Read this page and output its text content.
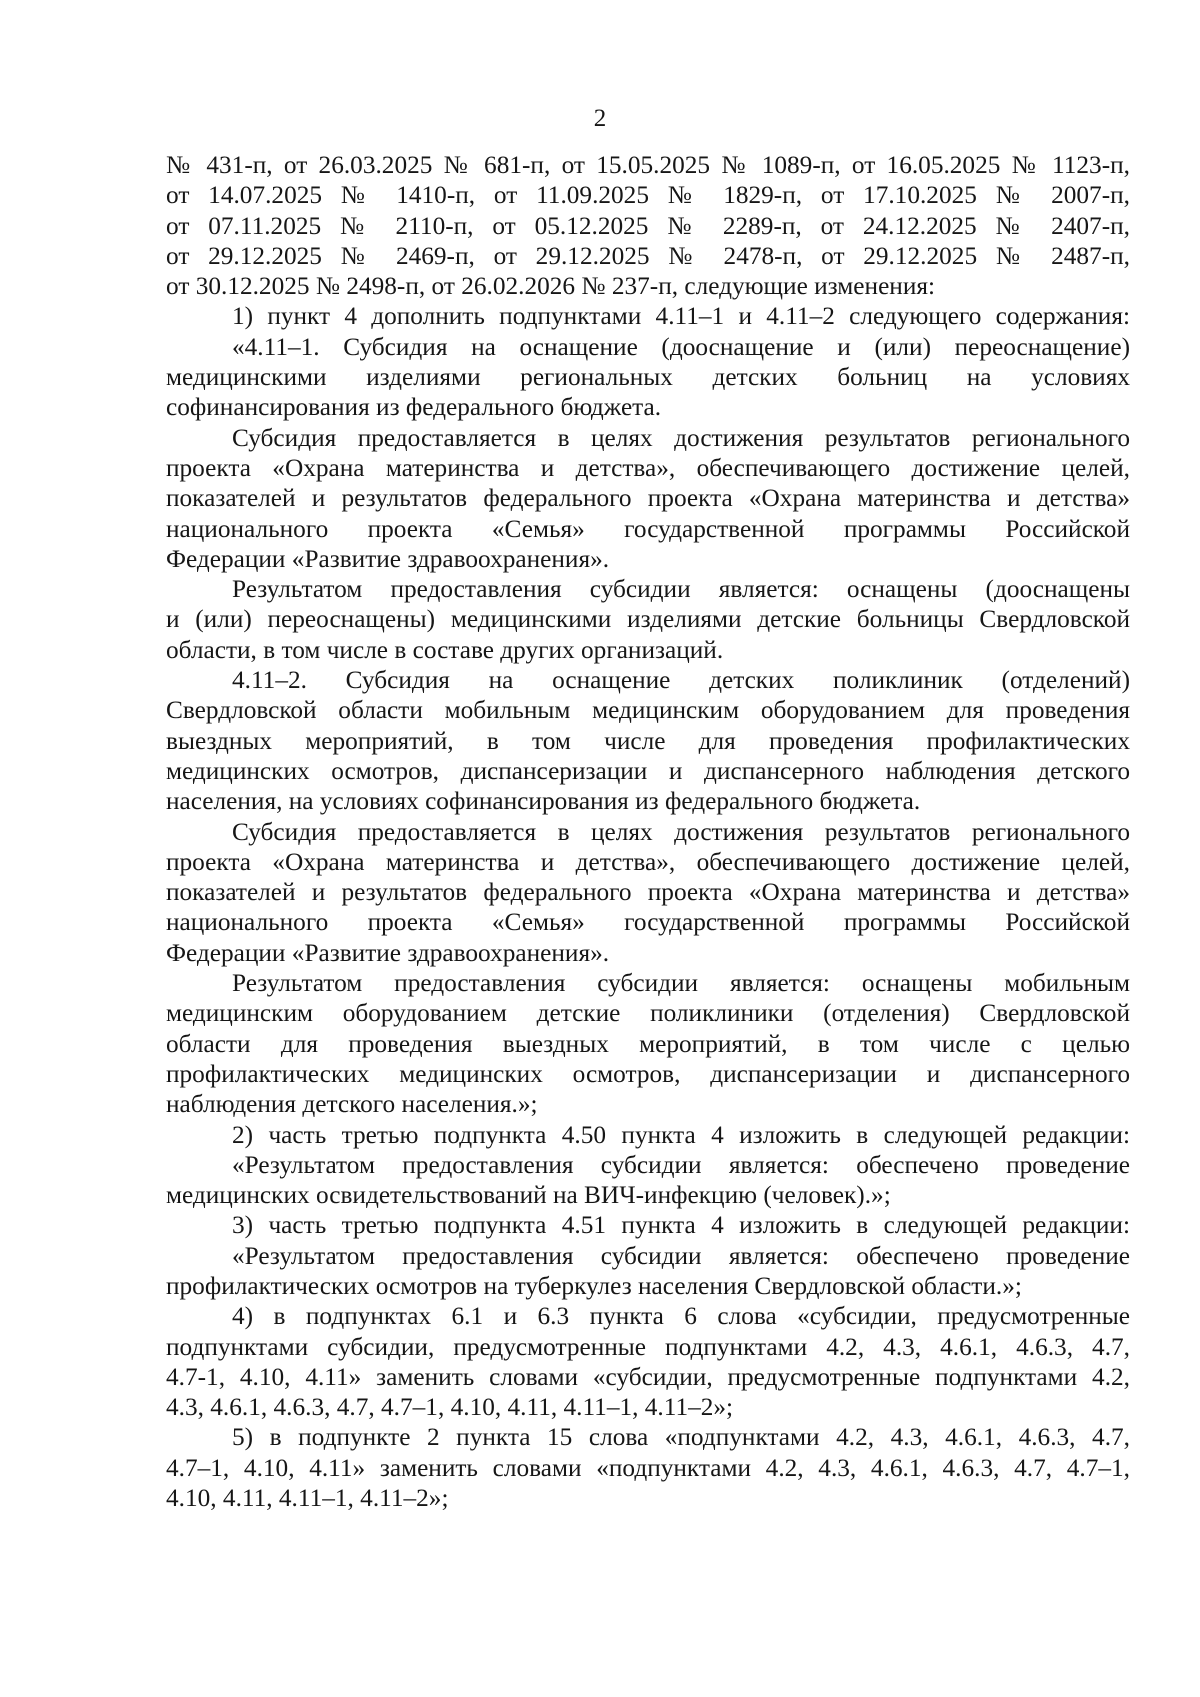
2
№ 431-п, от 26.03.2025 № 681-п, от 15.05.2025 № 1089-п, от 16.05.2025 № 1123-п,
от 14.07.2025 № 1410-п, от 11.09.2025 № 1829-п, от 17.10.2025 № 2007-п,
от 07.11.2025 № 2110-п, от 05.12.2025 № 2289-п, от 24.12.2025 № 2407-п,
от 29.12.2025 № 2469-п, от 29.12.2025 № 2478-п, от 29.12.2025 № 2487-п,
от 30.12.2025 № 2498-п, от 26.02.2026 № 237-п, следующие изменения:
1) пункт 4 дополнить подпунктами 4.11–1 и 4.11–2 следующего содержания:
«4.11–1. Субсидия на оснащение (дооснащение и (или) переоснащение)
медицинскими изделиями региональных детских больниц на условиях
софинансирования из федерального бюджета.
Субсидия предоставляется в целях достижения результатов регионального
проекта «Охрана материнства и детства», обеспечивающего достижение целей,
показателей и результатов федерального проекта «Охрана материнства и детства»
национального проекта «Семья» государственной программы Российской
Федерации «Развитие здравоохранения».
Результатом предоставления субсидии является: оснащены (дооснащены
и (или) переоснащены) медицинскими изделиями детские больницы Свердловской
области, в том числе в составе других организаций.
4.11–2. Субсидия на оснащение детских поликлиник (отделений)
Свердловской области мобильным медицинским оборудованием для проведения
выездных мероприятий, в том числе для проведения профилактических
медицинских осмотров, диспансеризации и диспансерного наблюдения детского
населения, на условиях софинансирования из федерального бюджета.
Субсидия предоставляется в целях достижения результатов регионального
проекта «Охрана материнства и детства», обеспечивающего достижение целей,
показателей и результатов федерального проекта «Охрана материнства и детства»
национального проекта «Семья» государственной программы Российской
Федерации «Развитие здравоохранения».
Результатом предоставления субсидии является: оснащены мобильным
медицинским оборудованием детские поликлиники (отделения) Свердловской
области для проведения выездных мероприятий, в том числе с целью
профилактических медицинских осмотров, диспансеризации и диспансерного
наблюдения детского населения.»;
2) часть третью подпункта 4.50 пункта 4 изложить в следующей редакции:
«Результатом предоставления субсидии является: обеспечено проведение
медицинских освидетельствований на ВИЧ-инфекцию (человек).»;
3) часть третью подпункта 4.51 пункта 4 изложить в следующей редакции:
«Результатом предоставления субсидии является: обеспечено проведение
профилактических осмотров на туберкулез населения Свердловской области.»;
4) в подпунктах 6.1 и 6.3 пункта 6 слова «субсидии, предусмотренные
подпунктами субсидии, предусмотренные подпунктами 4.2, 4.3, 4.6.1, 4.6.3, 4.7,
4.7-1, 4.10, 4.11» заменить словами «субсидии, предусмотренные подпунктами 4.2,
4.3, 4.6.1, 4.6.3, 4.7, 4.7–1, 4.10, 4.11, 4.11–1, 4.11–2»;
5) в подпункте 2 пункта 15 слова «подпунктами 4.2, 4.3, 4.6.1, 4.6.3, 4.7,
4.7–1, 4.10, 4.11» заменить словами «подпунктами 4.2, 4.3, 4.6.1, 4.6.3, 4.7, 4.7–1,
4.10, 4.11, 4.11–1, 4.11–2»;
